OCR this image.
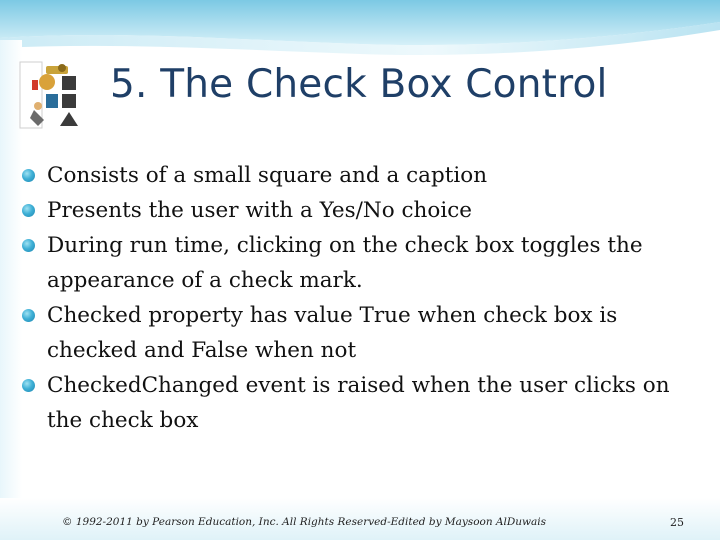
5. The Check Box Control
Consists of a small square and a caption
Presents the user with a Yes/No choice
During run time, clicking on the check box toggles the
appearance of a check mark.
Checked property has value True when check box is
checked and False when not
CheckedChanged event is raised when the user clicks on
the check box
© 1992-2011 by Pearson Education, Inc. All Rights Reserved-Edited by Maysoon AlDuwais	25
